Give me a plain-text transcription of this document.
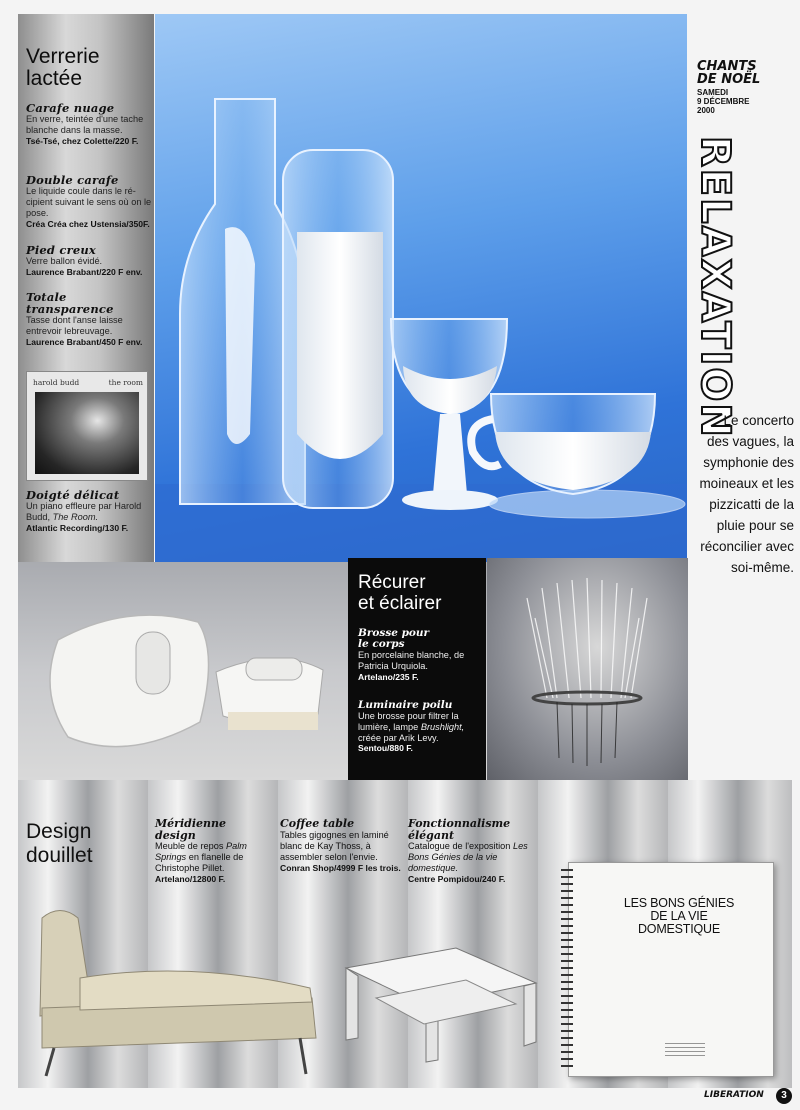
Verrerie
lactée
Carafe nuage
En verre, teintée d'une tache blanche dans la masse.
Tsé-Tsé, chez Colette/220 F.
Double carafe
Le liquide coule dans le ré-cipient suivant le sens où on le pose.
Créa Créa chez Ustensia/350F.
Pied creux
Verre ballon évidé.
Laurence Brabant/220 F env.
Totale
transparence
Tasse dont l'anse laisse entrevoir lebreuvage.
Laurence Brabant/450 F env.
harold budd	the room
Doigté délicat
Un piano effleure par Harold Budd, The Room.
Atlantic Recording/130 F.
CHANTS
DE NOËL
SAMEDI
9 DÉCEMBRE
2000
RELAXATION
Le concerto des vagues, la symphonie des moineaux et les pizzicatti de la pluie pour se réconcilier avec soi-même.
Récurer
et éclairer
Brosse pour
le corps
En porcelaine blanche, de Patricia Urquiola.
Artelano/235 F.
Luminaire poilu
Une brosse pour filtrer la lumière, lampe Brushlight, créée par Arik Levy.
Sentou/880 F.
Design
douillet
Méridienne
design
Meuble de repos Palm Springs en flanelle de Christophe Pillet.
Artelano/12800 F.
Coffee table
Tables gigognes en laminé blanc de Kay Thoss, à assembler selon l'envie.
Conran Shop/4999 F les trois.
Fonctionnalisme
élégant
Catalogue de l'exposition Les Bons Génies de la vie domestique.
Centre Pompidou/240 F.
LES BONS GÉNIES
DE LA VIE
DOMESTIQUE
LIBERATION	3
